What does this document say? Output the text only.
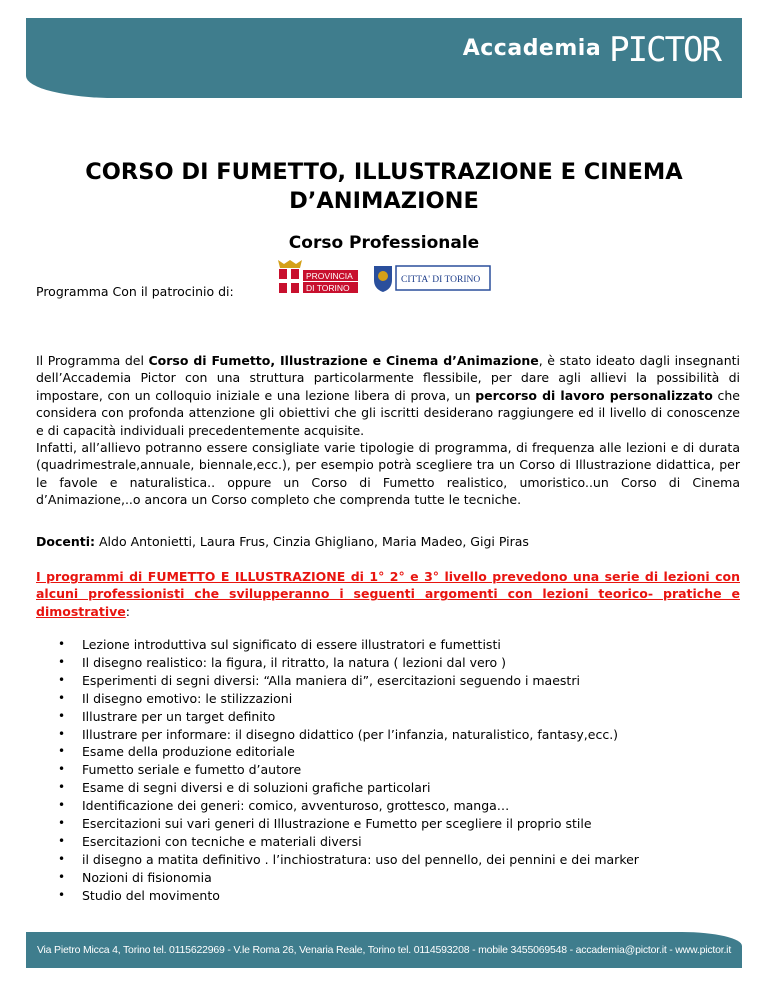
Accademia PICTOR
CORSO DI FUMETTO, ILLUSTRAZIONE E CINEMA
D’ANIMAZIONE
Corso Professionale
Programma Con il patrocinio di:
PROVINCIA
DI TORINO
CITTA' DI TORINO

Il Programma del Corso di Fumetto, Illustrazione e Cinema d’Animazione, è stato ideato dagli insegnanti dell’Accademia Pictor con una struttura particolarmente flessibile, per dare agli allievi la possibilità di impostare, con un colloquio iniziale e una lezione libera di prova, un percorso di lavoro personalizzato che considera con profonda attenzione gli obiettivi che gli iscritti desiderano raggiungere ed il livello di conoscenze e di capacità individuali precedentemente acquisite.

Infatti, all’allievo potranno essere consigliate varie tipologie di programma, di frequenza alle lezioni e di durata (quadrimestrale,annuale, biennale,ecc.), per esempio potrà scegliere tra un Corso di Illustrazione didattica, per le favole e naturalistica.. oppure un Corso di Fumetto realistico, umoristico..un Corso di Cinema d’Animazione,..o ancora un Corso completo che comprenda tutte le tecniche.

Docenti: Aldo Antonietti, Laura Frus, Cinzia Ghigliano, Maria Madeo, Gigi Piras
I programmi di FUMETTO E ILLUSTRAZIONE di 1° 2° e 3° livello prevedono una serie di lezioni con alcuni professionisti che svilupperanno i seguenti argomenti con lezioni teorico- pratiche e dimostrative:
• Lezione introduttiva sul significato di essere illustratori e fumettisti
• Il disegno realistico: la figura, il ritratto, la natura ( lezioni dal vero )
• Esperimenti di segni diversi: “Alla maniera di”, esercitazioni seguendo i maestri
• Il disegno emotivo: le stilizzazioni
• Illustrare per un target definito
• Illustrare per informare: il disegno didattico (per l’infanzia, naturalistico, fantasy,ecc.)
• Esame della produzione editoriale
• Fumetto seriale e fumetto d’autore
• Esame di segni diversi e di soluzioni grafiche particolari
• Identificazione dei generi: comico, avventuroso, grottesco, manga…
• Esercitazioni sui vari generi di Illustrazione e Fumetto per scegliere il proprio stile
• Esercitazioni con tecniche e materiali diversi
• il disegno a matita definitivo . l’inchiostratura: uso del pennello, dei pennini e dei marker
• Nozioni di fisionomia
• Studio del movimento
Via Pietro Micca 4, Torino tel. 0115622969 - V.le Roma 26, Venaria Reale, Torino tel. 0114593208 - mobile 3455069548 - accademia@pictor.it - www.pictor.it
